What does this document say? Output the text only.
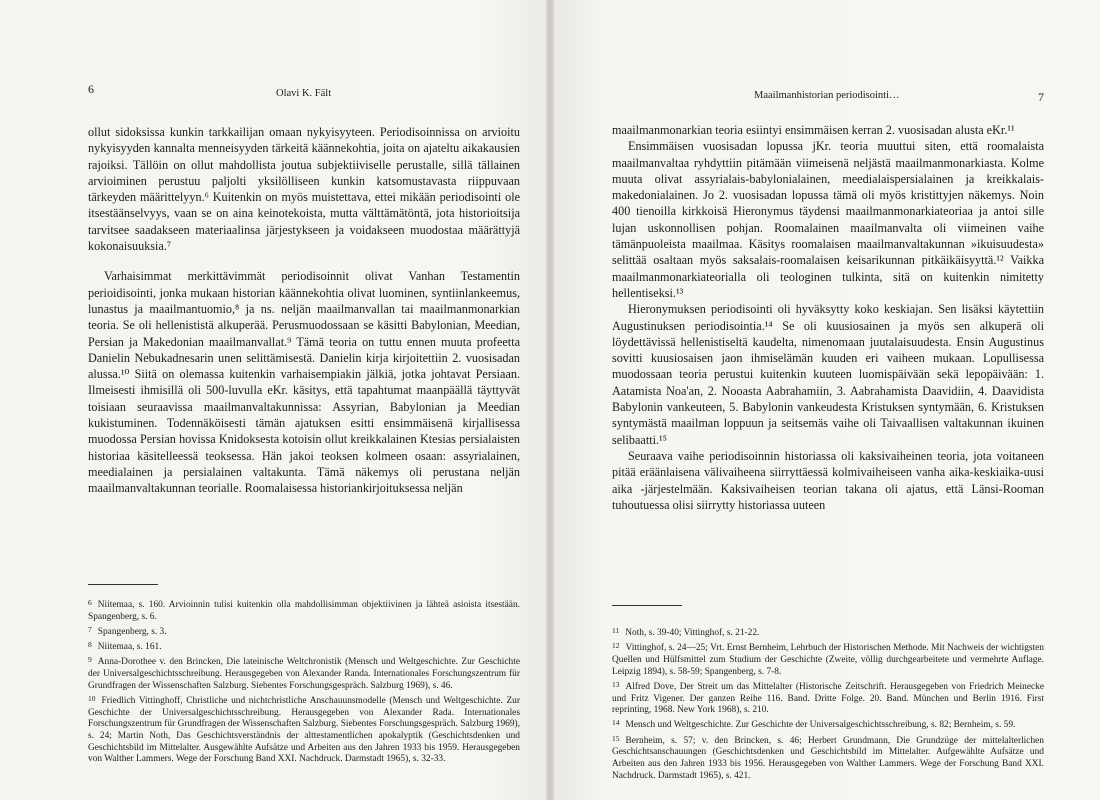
6	Olavi K. Fält

ollut sidoksissa kunkin tarkkailijan omaan nykyisyyteen. Periodisoinnissa on arvioitu nykyisyyden kannalta menneisyyden tärkeitä käännekohtia, joita on ajateltu aikakausien rajoiksi. Tällöin on ollut mahdollista joutua subjektiiviselle perustalle, sillä tällainen arvioiminen perustuu paljolti yksilölliseen kunkin katsomustavasta riippuvaan tärkeyden määrittelyyn.⁶ Kuitenkin on myös muistettava, ettei mikään periodisointi ole itsestäänselvyys, vaan se on aina keinotekoista, mutta välttämätöntä, jota historioitsija tarvitsee saadakseen materiaalinsa järjestykseen ja voidakseen muodostaa määrättyjä kokonaisuuksia.⁷

Varhaisimmat merkittävimmät periodisoinnit olivat Vanhan Testamentin perioidisointi, jonka mukaan historian käännekohtia olivat luominen, syntiinlankeemus, lunastus ja maailmantuomio,⁸ ja ns. neljän maailmanvallan tai maailmanmonarkian teoria. Se oli hellenististä alkuperää. Perusmuodossaan se käsitti Babylonian, Meedian, Persian ja Makedonian maailmanvallat.⁹ Tämä teoria on tuttu ennen muuta profeetta Danielin Nebukadnesarin unen selittämisestä. Danielin kirja kirjoitettiin 2. vuosisadan alussa.¹⁰ Siitä on olemassa kuitenkin varhaisempiakin jälkiä, jotka johtavat Persiaan. Ilmeisesti ihmisillä oli 500-luvulla eKr. käsitys, että tapahtumat maanpäällä täyttyvät toisiaan seuraavissa maailmanvaltakunnissa: Assyrian, Babylonian ja Meedian kukistuminen. Todennäköisesti tämän ajatuksen esitti ensimmäisenä kirjallisessa muodossa Persian hovissa Knidoksesta kotoisin ollut kreikkalainen Ktesias persialaisten historiaa käsitelleessä teoksessa. Hän jakoi teoksen kolmeen osaan: assyrialainen, meedialainen ja persialainen valtakunta. Tämä näkemys oli perustana neljän maailmanvaltakunnan teorialle. Roomalaisessa historiankirjoituksessa neljän

$^6$ Niitemaa, s. 160. Arvioinnin tulisi kuitenkin olla mahdollisimman objektiivinen ja lähteä asioista itsestään. Spangenberg, s. 6.
$^7$ Spangenberg, s. 3.
$^8$ Niitemaa, s. 161.
$^9$ Anna-Dorothee v. den Brincken, Die lateinische Weltchronistik (Mensch und Weltgeschichte. Zur Geschichte der Universalgeschichtsschreibung. Herausgegeben von Alexander Randa. Internationales Forschungszentrum für Grundfragen der Wissenschaften Salzburg. Siebentes Forschungsgespräch. Salzburg 1969), s. 46.
$^{10}$ Friedlich Vittinghoff, Christliche und nichtchristliche Anschauunsmodelle (Mensch und Weltgeschichte. Zur Geschichte der Universalgeschichtsschreibung. Herausgegeben von Alexander Rada. Internationales Forschungszentrum für Grundfragen der Wissenschaften Salzburg. Siebentes Forschungsgespräch. Salzburg 1969), s. 24; Martin Noth, Das Geschichtsverständnis der alttestamentlichen apokalyptik (Geschichtsdenken und Geschichtsbild im Mittelalter. Ausgewählte Aufsätze und Arbeiten aus den Jahren 1933 bis 1959. Herausgegeben von Walther Lammers. Wege der Forschung Band XXI. Nachdruck. Darmstadt 1965), s. 32-33.
Maailmanhistorian periodisointi…	7

maailmanmonarkian teoria esiintyi ensimmäisen kerran 2. vuosisadan alusta eKr.¹¹

Ensimmäisen vuosisadan lopussa jKr. teoria muuttui siten, että roomalaista maailmanvaltaa ryhdyttiin pitämään viimeisenä neljästä maailmanmonarkiasta. Kolme muuta olivat assyrialais-babylonialainen, meedialaispersialainen ja kreikkalais-makedonialainen. Jo 2. vuosisadan lopussa tämä oli myös kristittyjen näkemys. Noin 400 tienoilla kirkkoisä Hieronymus täydensi maailmanmonarkiateoriaa ja antoi sille lujan uskonnollisen pohjan. Roomalainen maailmanvalta oli viimeinen vaihe tämänpuoleista maailmaa. Käsitys roomalaisen maailmanvaltakunnan »ikuisuudesta» selittää osaltaan myös saksalais-roomalaisen keisarikunnan pitkäikäisyyttä.¹² Vaikka maailmanmonarkiateorialla oli teologinen tulkinta, sitä on kuitenkin nimitetty hellentiseksi.¹³

Hieronymuksen periodisointi oli hyväksytty koko keskiajan. Sen lisäksi käytettiin Augustinuksen periodisointia.¹⁴ Se oli kuusiosainen ja myös sen alkuperä oli löydettävissä hellenistiseltä kaudelta, nimenomaan juutalaisuudesta. Ensin Augustinus sovitti kuusiosaisen jaon ihmiselämän kuuden eri vaiheen mukaan. Lopullisessa muodossaan teoria perustui kuitenkin kuuteen luomispäivään sekä lepopäivään: 1. Aatamista Noa'an, 2. Nooasta Aabrahamiin, 3. Aabrahamista Daavidiin, 4. Daavidista Babylonin vankeuteen, 5. Babylonin vankeudesta Kristuksen syntymään, 6. Kristuksen syntymästä maailman loppuun ja seitsemäs vaihe oli Taivaallisen valtakunnan ikuinen selibaatti.¹⁵

Seuraava vaihe periodisoinnin historiassa oli kaksivaiheinen teoria, jota voitaneen pitää eräänlaisena välivaiheena siirryttäessä kolmivaiheiseen vanha aika-keskiaika-uusi aika -järjestelmään. Kaksivaiheisen teorian takana oli ajatus, että Länsi-Rooman tuhoutuessa olisi siirrytty historiassa uuteen

$^{11}$ Noth, s. 39-40; Vittinghof, s. 21-22.
$^{12}$ Vittinghof, s. 24—25; Vrt. Ernst Bernheim, Lehrbuch der Historischen Methode. Mit Nachweis der wichtigsten Quellen und Hülfsmittel zum Studium der Geschichte (Zweite, völlig durchgearbeitete und vermehrte Auflage. Leipzig 1894), s. 58-59; Spangenberg, s. 7-8.
$^{13}$ Alfred Dove, Der Streit um das Mittelalter (Historische Zeitschrift. Herausgegeben von Friedrich Meinecke und Fritz Vigener. Der ganzen Reihe 116. Band. Dritte Folge. 20. Band. München und Berlin 1916. First reprinting, 1968. New York 1968), s. 210.
$^{14}$ Mensch und Weltgeschichte. Zur Geschichte der Universalgeschichtsschreibung, s. 82; Bernheim, s. 59.
$^{15}$ Bernheim, s. 57; v. den Brincken, s. 46; Herbert Grundmann, Die Grundzüge der mittelalterlichen Geschichtsanschauungen (Geschichtsdenken und Geschichtsbild im Mittelalter. Aufgewählte Aufsätze und Arbeiten aus den Jahren 1933 bis 1956. Herausgegeben von Walther Lammers. Wege der Forschung Band XXI. Nachdruck. Darmstadt 1965), s. 421.
